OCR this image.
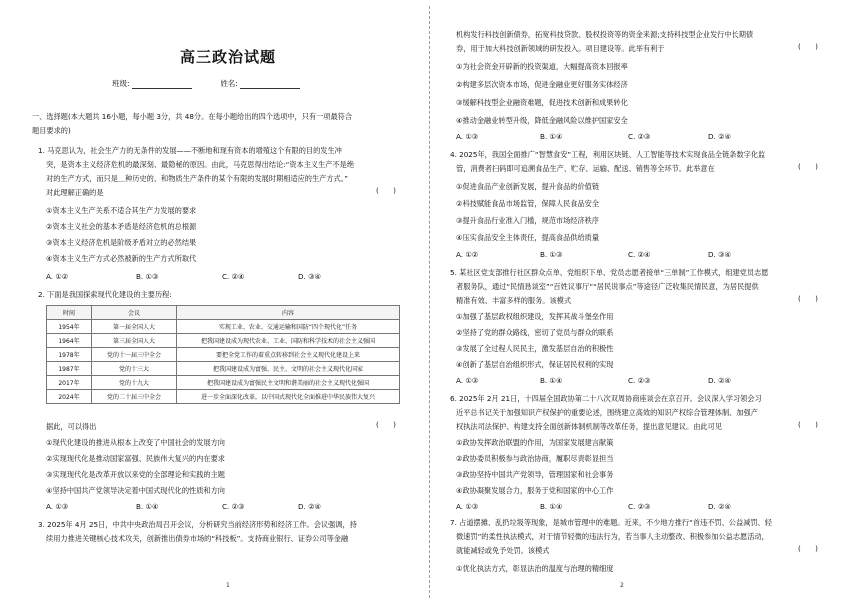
高三政治试题
班级:	姓名:
一、选择题(本大题共 16小题，每小题 3分，共 48分。在每小题给出的四个选项中，只有一项最符合
题目要求的)
1. 马克思认为，社会生产力的无条件的发展——不断地和现有资本的增殖这个有限的目的发生冲
突，是资本主义经济危机的最深刻、最隐秘的原因。由此，马克思得出结论:“资本主义生产不是绝
对的生产方式，而只是＿种历史的、和物质生产条件的某个有限的发展时期相适应的生产方式。”
对此理解正确的是	(　　)
①资本主义生产关系不适合其生产力发展的要求
②资本主义社会的基本矛盾是经济危机的总根源
③资本主义经济危机是阶级矛盾对立的必然结果
④资本主义生产方式必然被新的生产方式所取代
A. ①②	B. ①③	C. ②④	D. ③④
2. 下面是我国探索现代化建设的主要历程:
时间	会议	内容
1954年	第一届全国人大	实现工业、农业、交通运输和国防“四个现代化”任务
1964年	第三届全国人大	把我国建设成为现代农业、工业、国防和科学技术的社会主义强国
1978年	党的十一届三中全会	要把全党工作的着重点转移到社会主义现代化建设上来
1987年	党的十三大	把我国建设成为富强、民主、文明的社会主义现代化国家
2017年	党的十九大	把我国建设成为富强民主文明和谐美丽的社会主义现代化强国
2024年	党的二十届三中全会	进一步全面深化改革，以中国式现代化全面推进中华民族伟大复兴
据此，可以得出	(　　)
①现代化建设的推进从根本上改变了中国社会的发展方向
②实现现代化是推动国家富强、民族伟大复兴的内在要求
③实现现代化是改革开放以来党的全部理论和实践的主题
④坚持中国共产党领导决定着中国式现代化的性质和方向
A. ①③	B. ①④	C. ②③	D. ②④
3. 2025年 4月 25日，中共中央政治局召开会议，分析研究当前经济形势和经济工作。会议强调，持
续用力推进关键核心技术攻关，创新推出债券市场的“科技板”。支持商业银行、证券公司等金融
1
机构发行科技创新债券，拓宽科技贷款、股权投资等的资金来源;支持科技型企业发行中长期债
券，用于加大科技创新领域的研发投入。项目建设等。此举有利于	(　　)
①为社会资金开辟新的投资渠道，大幅提高资本回报率
②构建多层次资本市场，促进金融业更好服务实体经济
③缓解科技型企业融资难题，促进技术创新和成果转化
④推动金融业转型升级，降低金融风险以维护国家安全
A. ①③	B. ①④	C. ②③	D. ②④
4. 2025年，我国全面推广“智慧食安”工程，利用区块链、人工智能等技术实现食品全链条数字化监
管，消费者扫码即可追溯食品生产、贮存、运输、配送、销售等全环节。此举意在	(　　)
①促进食品产业创新发展，提升食品的价值链
②科技赋能食品市场监管，保障人民食品安全
③提升食品行业准入门槛，规范市场经济秩序
④压实食品安全主体责任，提高食品供给质量
A. ①②	B. ①③	C. ②④	D. ③④
5. 某社区党支部推行社区群众点单、党组织下单、党员志愿者接单“三单制”工作模式，组建党员志愿
者服务队，通过“民情恳谈室”“百姓议事厅”“居民说事点”等途径广泛收集民情民意，为居民提供
精准有效、丰富多样的服务。该模式	(　　)
①加强了基层政权组织建设，发挥其战斗堡垒作用
②坚持了党的群众路线，密切了党员与群众的联系
③发展了全过程人民民主，激发基层自治的积极性
④创新了基层自治组织形式，保证居民权利的实现
A. ①③	B. ①④	C. ②③	D. ②④
6. 2025年 2月 21日，十四届全国政协第二十八次双周协商座谈会在京召开。会议深入学习领会习
近平总书记关于加强知识产权保护的重要论述，围绕建立高效的知识产权综合管理体制、加强产
权执法司法保护、构建支持全面创新体制机制等改革任务，提出意见建议。由此可见	(　　)
①政协发挥政治联盟的作用，为国家发展建言献策
②政协委员积极参与政治协商，履职尽责彰显担当
③政协坚持中国共产党领导，管理国家和社会事务
④政协凝聚发展合力，服务于党和国家的中心工作
A. ①③	B. ①④	C. ②③	D. ②④
7. 占道摆摊、乱扔垃圾等现象，是城市管理中的难题。近来，不少地方推行“首违不罚、公益减罚、轻
微速罚”的柔性执法模式，对于情节轻微的违法行为，若当事人主动整改、积极参加公益志愿活动，
就能减轻或免予处罚。该模式	(　　)
①优化执法方式，彰显法治的温度与治理的精细度
2
